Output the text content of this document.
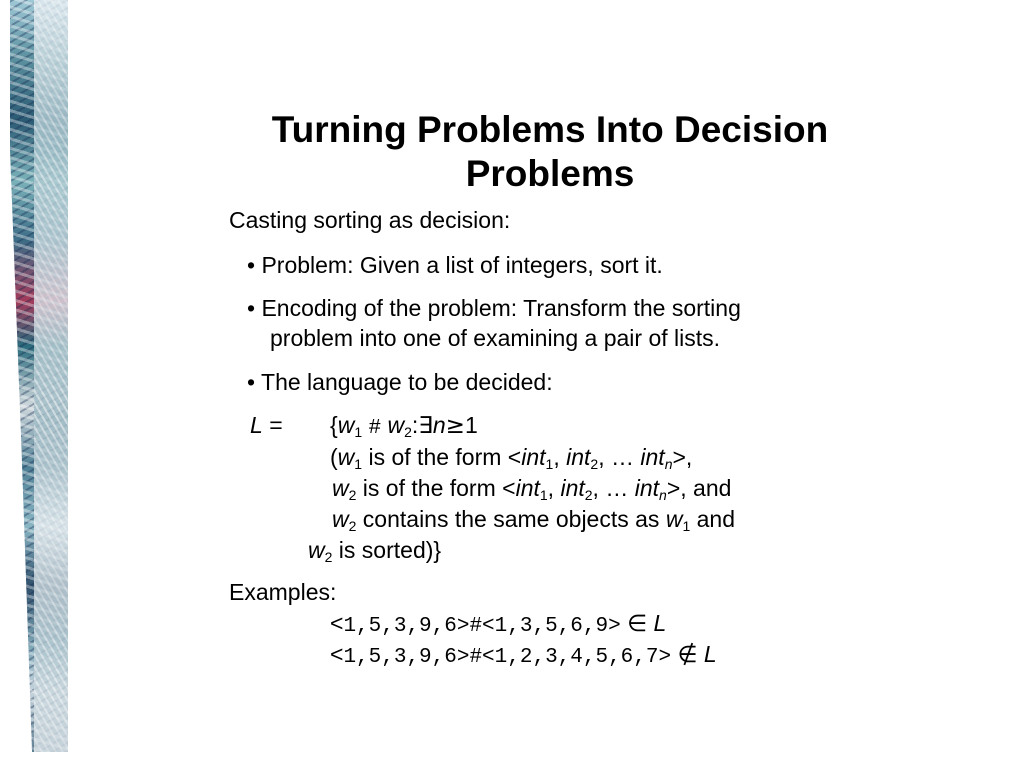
Turning Problems Into Decision Problems
Casting sorting as decision:
• Problem: Given a list of integers, sort it.
• Encoding of the problem: Transform the sorting
problem into one of examining a pair of lists.
• The language to be decided:
$L = \{w_1$ # $w_2:\exists n\ge 1$
($w_1$ is of the form <int$_1$, int$_2$, … int$_n$>,
$w_2$ is of the form <int$_1$, int$_2$, … int$_n$>, and
$w_2$ contains the same objects as $w_1$ and
$w_2$ is sorted)}
Examples:
<1,5,3,9,6>#<1,3,5,6,9> ∈ L
<1,5,3,9,6>#<1,2,3,4,5,6,7> ∉ L
